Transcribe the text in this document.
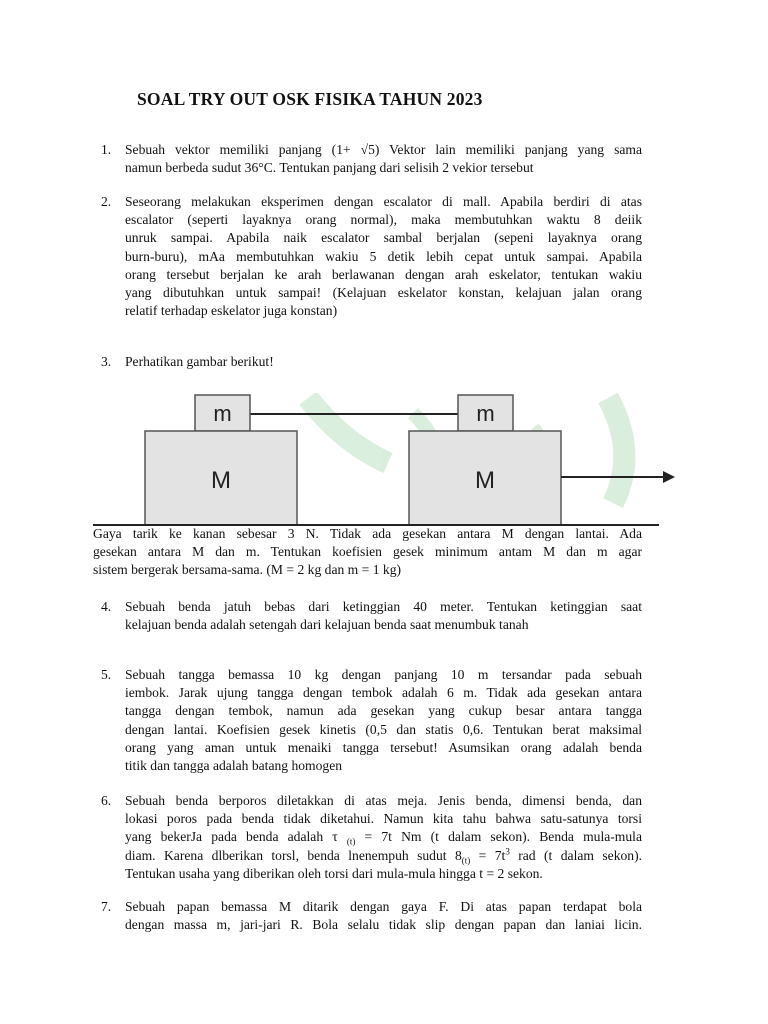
SOAL TRY OUT OSK FISIKA TAHUN 2023
1. Sebuah vektor memiliki panjang (1+ √5) Vektor lain memiliki panjang yang sama
namun berbeda sudut 36°C. Tentukan panjang dari selisih 2 vekior tersebut
2. Seseorang melakukan eksperimen dengan escalator di mall. Apabila berdiri di atas
escalator (seperti layaknya orang normal), maka membutuhkan waktu 8 deiik
unruk sampai. Apabila naik escalator sambal berjalan (sepeni layaknya orang
burn-buru), mAa membutuhkan wakiu 5 detik lebih cepat untuk sampai. Apabila
orang tersebut berjalan ke arah berlawanan dengan arah eskelator, tentukan wakiu
yang dibutuhkan untuk sampai! (Kelajuan eskelator konstan, kelajuan jalan orang
relatif terhadap eskelator juga konstan)
3. Perhatikan gambar berikut!
m	m
M	M
Gaya tarik ke kanan sebesar 3 N. Tidak ada gesekan antara M dengan lantai. Ada
gesekan antara M dan m. Tentukan koefisien gesek minimum antam M dan m agar
sistem bergerak bersama-sama. (M = 2 kg dan m = 1 kg)
4. Sebuah benda jatuh bebas dari ketinggian 40 meter. Tentukan ketinggian saat
kelajuan benda adalah setengah dari kelajuan benda saat menumbuk tanah
5. Sebuah tangga bemassa 10 kg dengan panjang 10 m tersandar pada sebuah
iembok. Jarak ujung tangga dengan tembok adalah 6 m. Tidak ada gesekan antara
tangga dengan tembok, namun ada gesekan yang cukup besar antara tangga
dengan lantai. Koefisien gesek kinetis (0,5 dan statis 0,6. Tentukan berat maksimal
orang yang aman untuk menaiki tangga tersebut! Asumsikan orang adalah benda
titik dan tangga adalah batang homogen
6. Sebuah benda berporos diletakkan di atas meja. Jenis benda, dimensi benda, dan
lokasi poros pada benda tidak diketahui. Namun kita tahu bahwa satu-satunya torsi
yang bekerJa pada benda adalah τ $_{(t)}$ = 7t Nm (t dalam sekon). Benda mula-mula
diam. Karena dlberikan torsl, benda lnenempuh sudut $8_{(t)} = 7t^3$ rad (t dalam sekon).
Tentukan usaha yang diberikan oleh torsi dari mula-mula hingga t = 2 sekon.
7. Sebuah papan bemassa M ditarik dengan gaya F. Di atas papan terdapat bola
dengan massa m, jari-jari R. Bola selalu tidak slip dengan papan dan laniai licin.
